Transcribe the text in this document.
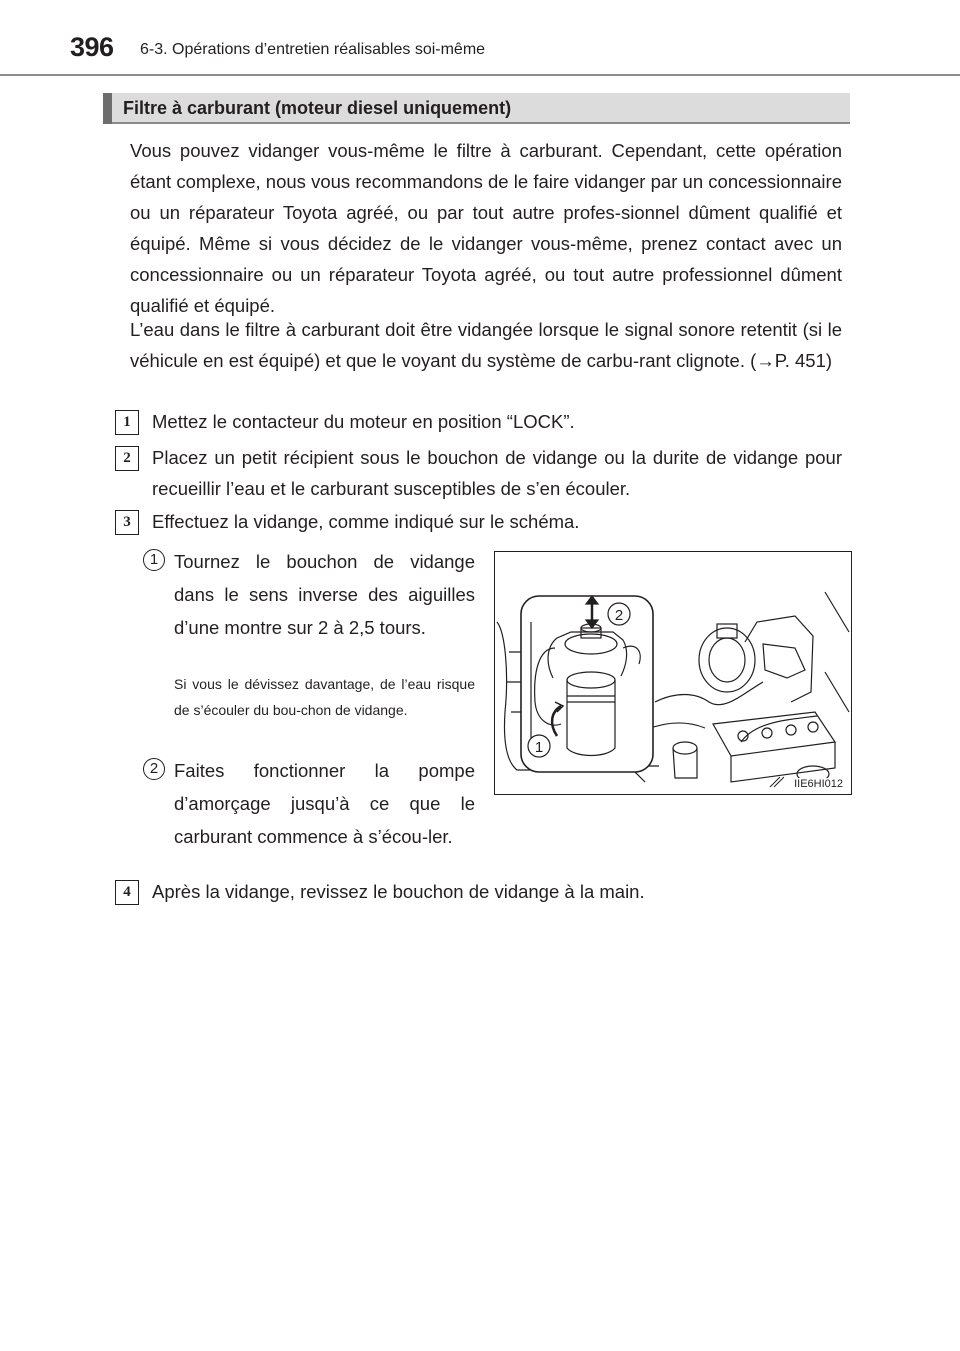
396 6-3. Opérations d’entretien réalisables soi-même
Filtre à carburant (moteur diesel uniquement)
Vous pouvez vidanger vous-même le filtre à carburant. Cependant, cette opération étant complexe, nous vous recommandons de le faire vidanger par un concessionnaire ou un réparateur Toyota agréé, ou par tout autre profes-sionnel dûment qualifié et équipé. Même si vous décidez de le vidanger vous-même, prenez contact avec un concessionnaire ou un réparateur Toyota agréé, ou tout autre professionnel dûment qualifié et équipé.
L’eau dans le filtre à carburant doit être vidangée lorsque le signal sonore retentit (si le véhicule en est équipé) et que le voyant du système de carbu-rant clignote. (→P. 451)
1	Mettez le contacteur du moteur en position “LOCK”.
2	Placez un petit récipient sous le bouchon de vidange ou la durite de vidange pour recueillir l’eau et le carburant susceptibles de s’en écouler.
3	Effectuez la vidange, comme indiqué sur le schéma.
1 Tournez le bouchon de vidange dans le sens inverse des aiguilles d’une montre sur 2 à 2,5 tours.
Si vous le dévissez davantage, de l’eau risque de s’écouler du bou-chon de vidange.
2 Faites fonctionner la pompe d’amorçage jusqu’à ce que le carburant commence à s’écou-ler.
4	Après la vidange, revissez le bouchon de vidange à la main.
2
1
IIE6HI012
